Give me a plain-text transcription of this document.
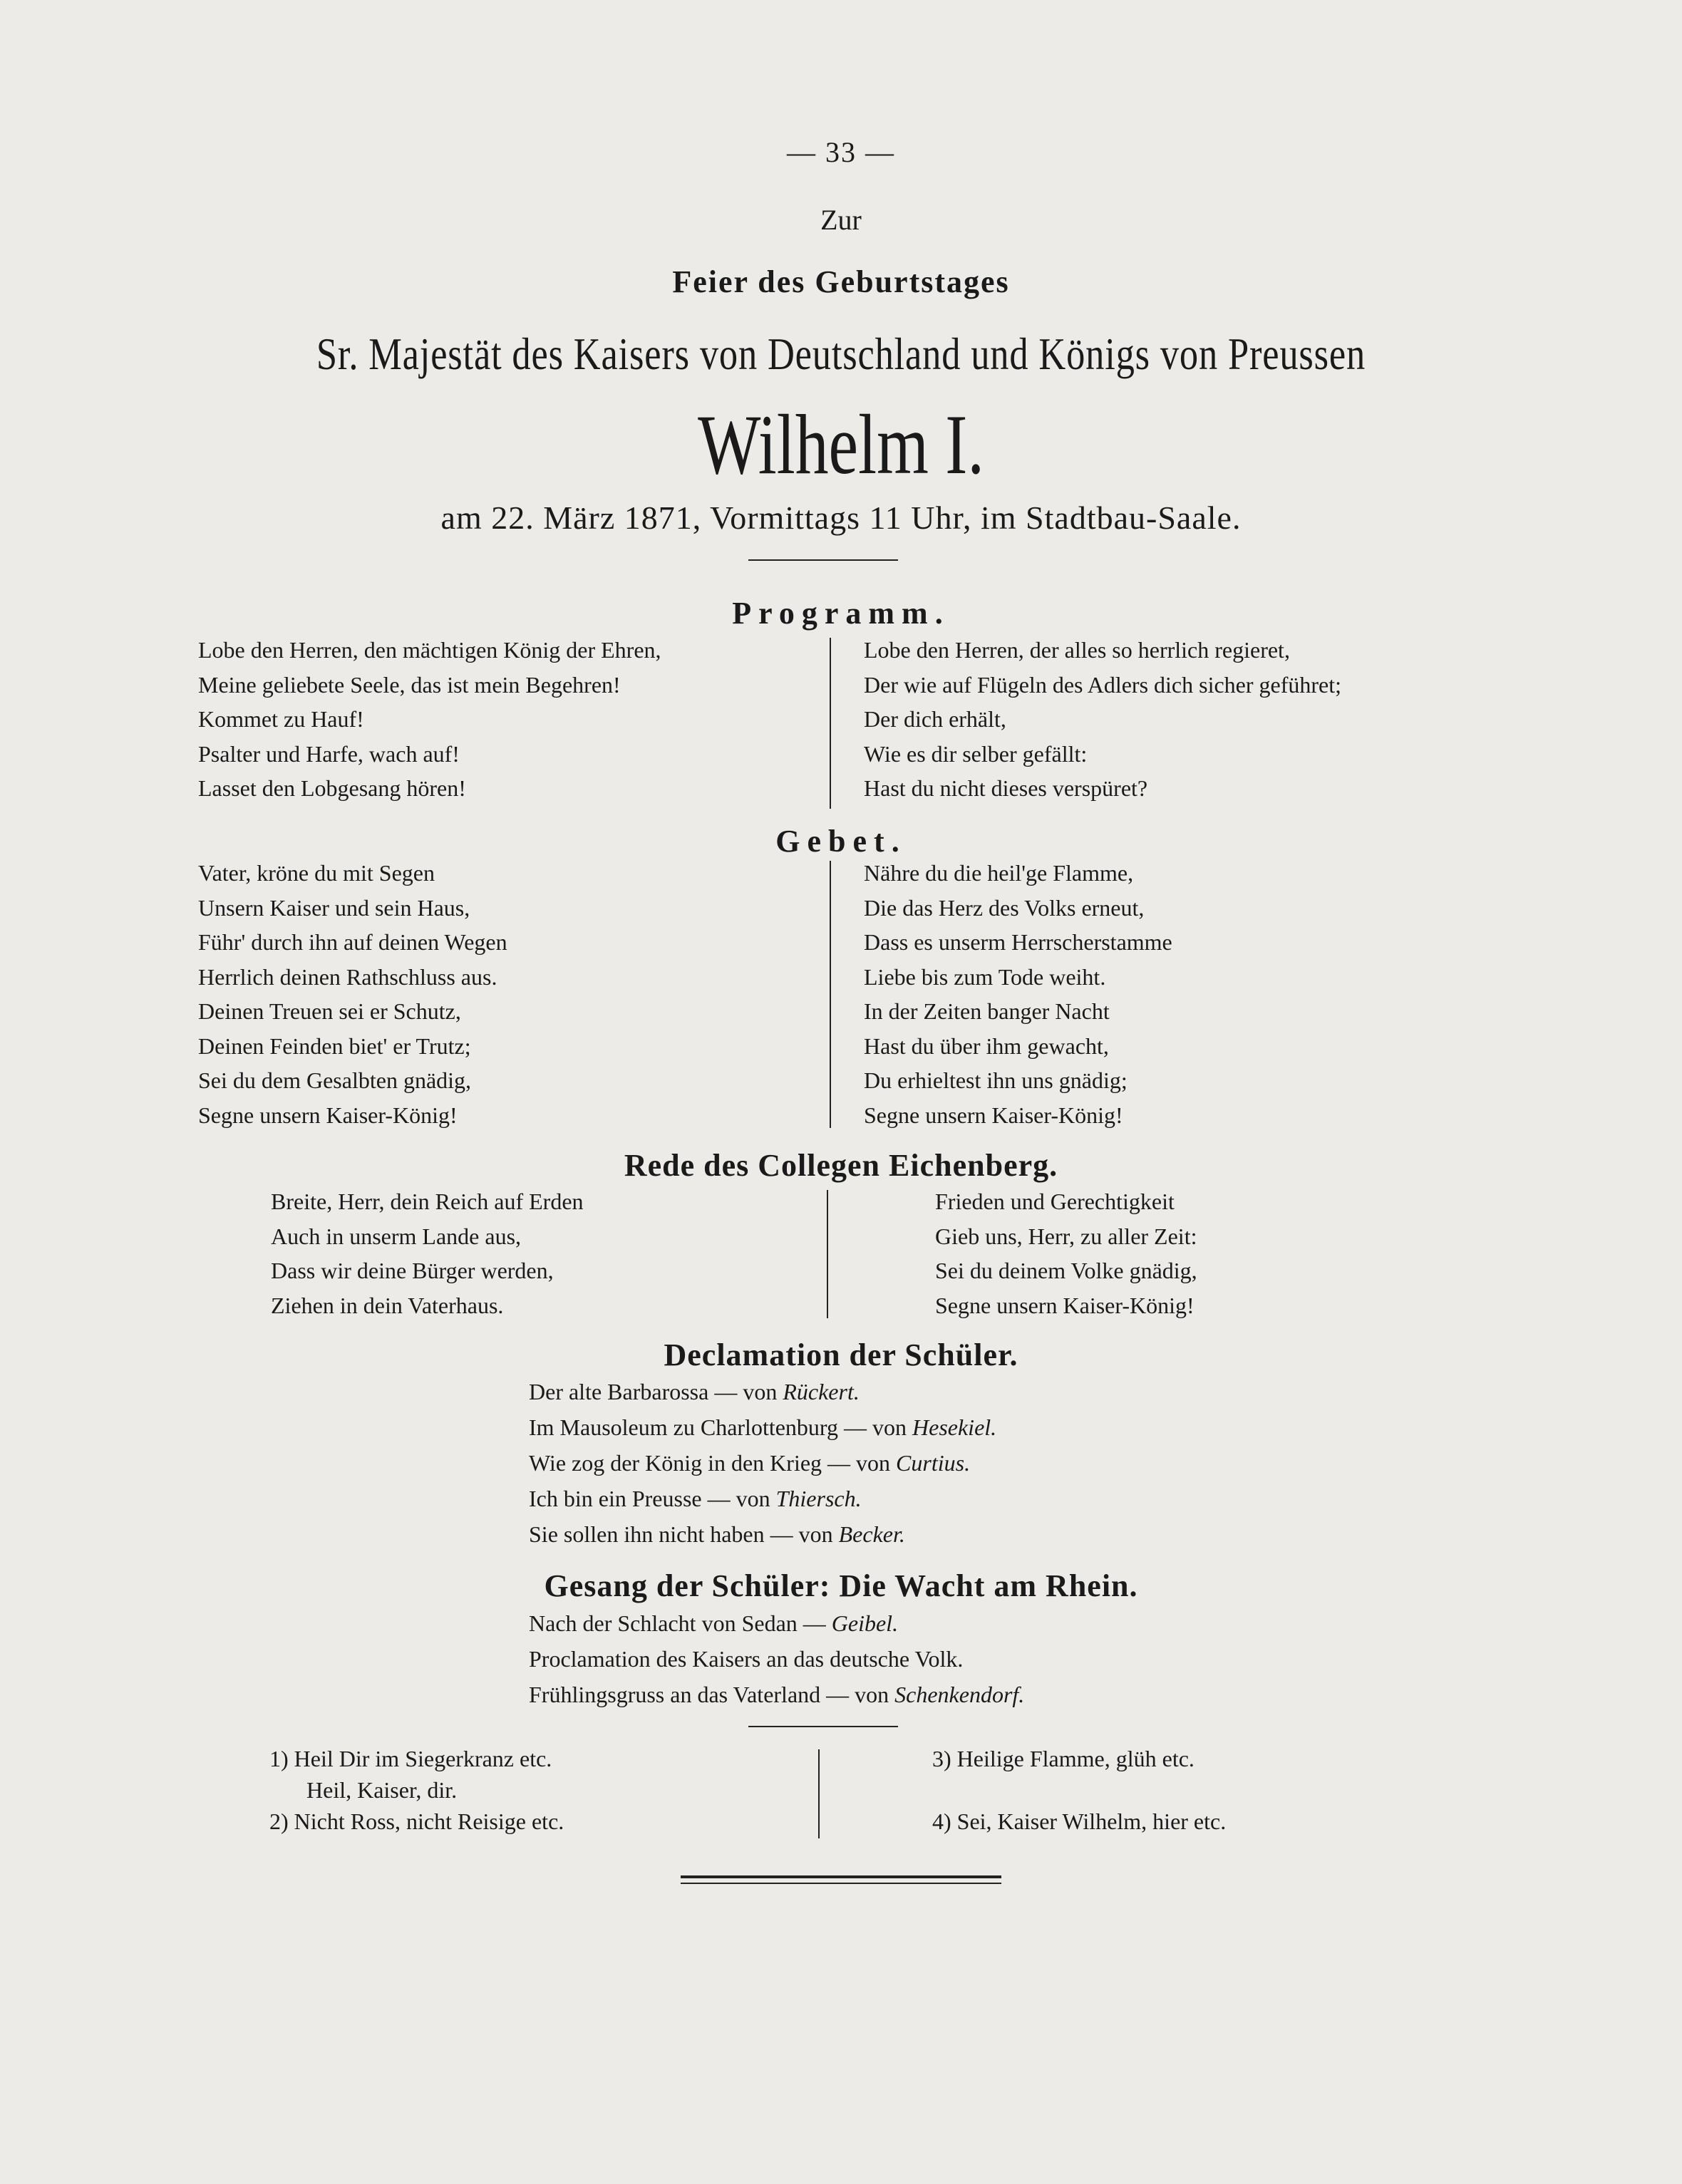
— 33 —
Zur
Feier des Geburtstages
Sr. Majestät des Kaisers von Deutschland und Königs von Preussen
Wilhelm I.
am 22. März 1871, Vormittags 11 Uhr, im Stadtbau-Saale.
Programm.
Lobe den Herren, den mächtigen König der Ehren,
Meine geliebete Seele, das ist mein Begehren!
Kommet zu Hauf!
Psalter und Harfe, wach auf!
Lasset den Lobgesang hören!
Lobe den Herren, der alles so herrlich regieret,
Der wie auf Flügeln des Adlers dich sicher geführet;
Der dich erhält,
Wie es dir selber gefällt:
Hast du nicht dieses verspüret?
Gebet.
Vater, kröne du mit Segen
Unsern Kaiser und sein Haus,
Führ' durch ihn auf deinen Wegen
Herrlich deinen Rathschluss aus.
Deinen Treuen sei er Schutz,
Deinen Feinden biet' er Trutz;
Sei du dem Gesalbten gnädig,
Segne unsern Kaiser-König!
Nähre du die heil'ge Flamme,
Die das Herz des Volks erneut,
Dass es unserm Herrscherstamme
Liebe bis zum Tode weiht.
In der Zeiten banger Nacht
Hast du über ihm gewacht,
Du erhieltest ihn uns gnädig;
Segne unsern Kaiser-König!
Rede des Collegen Eichenberg.
Breite, Herr, dein Reich auf Erden
Auch in unserm Lande aus,
Dass wir deine Bürger werden,
Ziehen in dein Vaterhaus.
Frieden und Gerechtigkeit
Gieb uns, Herr, zu aller Zeit:
Sei du deinem Volke gnädig,
Segne unsern Kaiser-König!
Declamation der Schüler.
Der alte Barbarossa — von Rückert.
Im Mausoleum zu Charlottenburg — von Hesekiel.
Wie zog der König in den Krieg — von Curtius.
Ich bin ein Preusse — von Thiersch.
Sie sollen ihn nicht haben — von Becker.
Gesang der Schüler: Die Wacht am Rhein.
Nach der Schlacht von Sedan — Geibel.
Proclamation des Kaisers an das deutsche Volk.
Frühlingsgruss an das Vaterland — von Schenkendorf.
1) Heil Dir im Siegerkranz etc.
Heil, Kaiser, dir.
2) Nicht Ross, nicht Reisige etc.
3) Heilige Flamme, glüh etc.
4) Sei, Kaiser Wilhelm, hier etc.
